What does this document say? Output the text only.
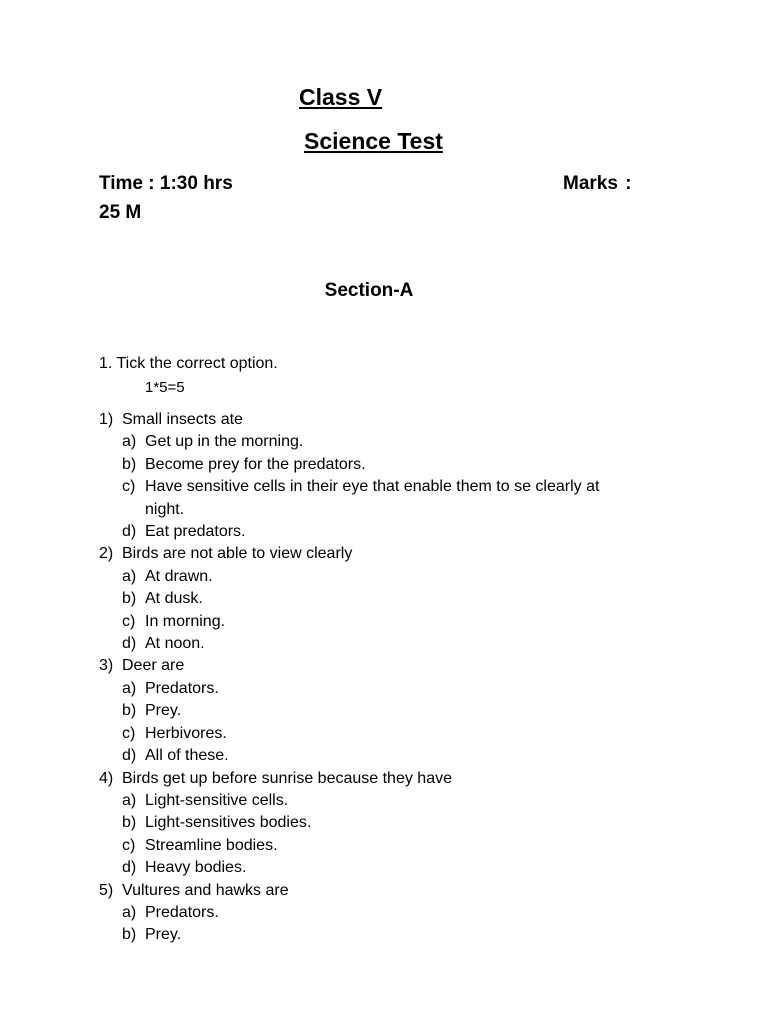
Class V
Science Test
Time : 1:30 hrs	Marks :
25 M
Section-A
1. Tick the correct option.
1*5=5
1) Small insects ate
a) Get up in the morning.
b) Become prey for the predators.
c) Have sensitive cells in their eye that enable them to se clearly at night.
d) Eat predators.
2) Birds are not able to view clearly
a) At drawn.
b) At dusk.
c) In morning.
d) At noon.
3) Deer are
a) Predators.
b) Prey.
c) Herbivores.
d) All of these.
4) Birds get up before sunrise because they have
a) Light-sensitive cells.
b) Light-sensitives bodies.
c) Streamline bodies.
d) Heavy bodies.
5) Vultures and hawks are
a) Predators.
b) Prey.
